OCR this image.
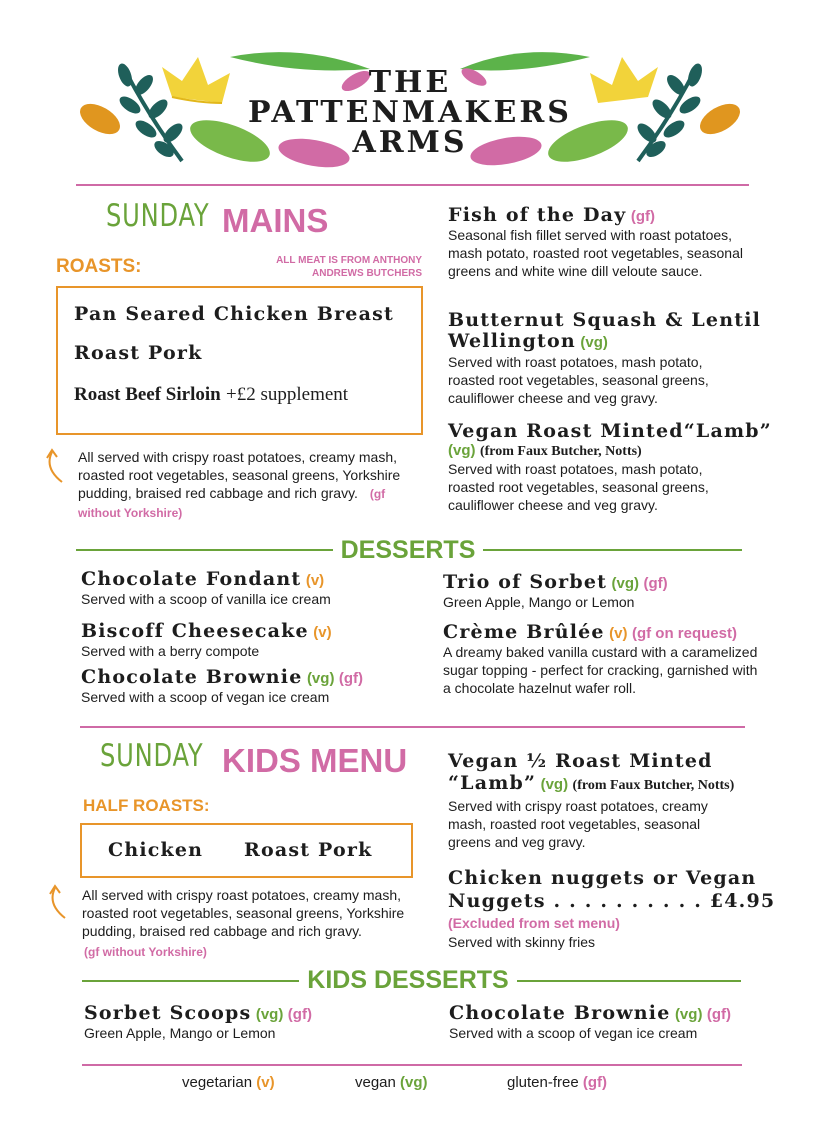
THE
PATTENMAKERS
ARMS
SUNDAY MAINS
ROASTS:	ALL MEAT IS FROM ANTHONY
ANDREWS BUTCHERS
Pan Seared Chicken Breast
Roast Pork
Roast Beef Sirloin +£2 supplement
All served with crispy roast potatoes, creamy mash, roasted root vegetables, seasonal greens, Yorkshire pudding, braised red cabbage and rich gravy. (gf without Yorkshire)
Fish of the Day (gf)
Seasonal fish fillet served with roast potatoes, mash potato, roasted root vegetables, seasonal greens and white wine dill veloute sauce.
Butternut Squash & Lentil
Wellington (vg)
Served with roast potatoes, mash potato, roasted root vegetables, seasonal greens, cauliflower cheese and veg gravy.
Vegan Roast Minted“Lamb”
(vg) (from Faux Butcher, Notts)
Served with roast potatoes, mash potato, roasted root vegetables, seasonal greens, cauliflower cheese and veg gravy.
DESSERTS
Chocolate Fondant (v)
Served with a scoop of vanilla ice cream
Biscoff Cheesecake (v)
Served with a berry compote
Chocolate Brownie (vg) (gf)
Served with a scoop of vegan ice cream
Trio of Sorbet (vg) (gf)
Green Apple, Mango or Lemon
Crème Brûlée (v) (gf on request)
A dreamy baked vanilla custard with a caramelized sugar topping - perfect for cracking, garnished with a chocolate hazelnut wafer roll.
SUNDAY KIDS MENU
HALF ROASTS:
Chicken Roast Pork
All served with crispy roast potatoes, creamy mash, roasted root vegetables, seasonal greens, Yorkshire pudding, braised red cabbage and rich gravy.
(gf without Yorkshire)
Vegan ½ Roast Minted
“Lamb” (vg) (from Faux Butcher, Notts)
Served with crispy roast potatoes, creamy mash, roasted root vegetables, seasonal greens and veg gravy.
Chicken nuggets or Vegan
Nuggets . . . . . . . . . . £4.95
(Excluded from set menu)
Served with skinny fries
KIDS DESSERTS
Sorbet Scoops (vg) (gf)
Green Apple, Mango or Lemon
Chocolate Brownie (vg) (gf)
Served with a scoop of vegan ice cream
vegetarian (v)	vegan (vg)	gluten-free (gf)
